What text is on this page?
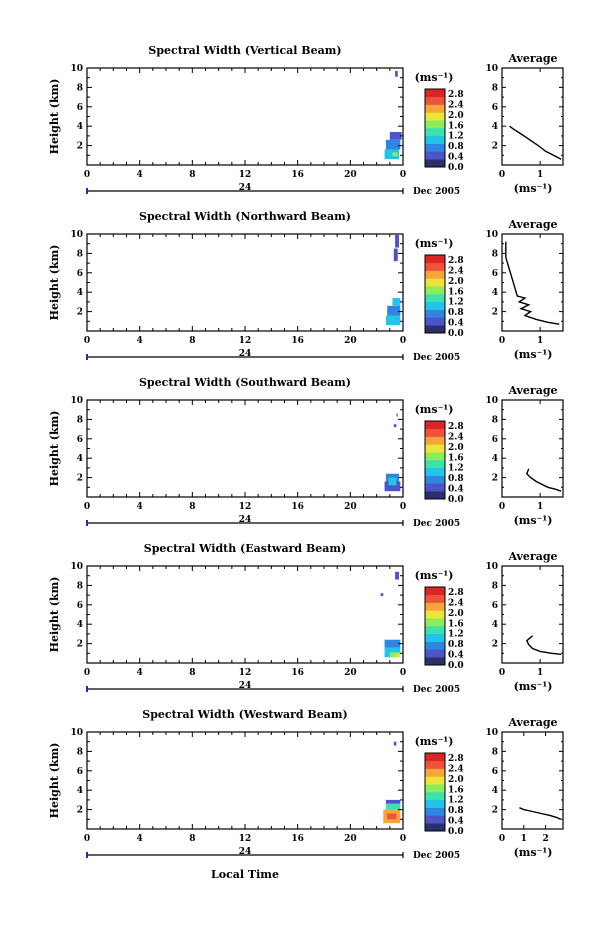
Local Time
Spectral Width (Vertical Beam)
0	4	8	12	16	20	0
2
4
6
8
10
Height (km)
24	Dec 2005
(ms⁻¹)
2.8
2.4
2.0
1.6
1.2
0.8
0.4
0.0
Average
2
4
6
8
10
0	1
(ms⁻¹)
Spectral Width (Northward Beam)
0	4	8	12	16	20	0
2
4
6
8
10
Height (km)
24	Dec 2005
(ms⁻¹)
2.8
2.4
2.0
1.6
1.2
0.8
0.4
0.0
Average
2
4
6
8
10
0	1
(ms⁻¹)
Spectral Width (Southward Beam)
0	4	8	12	16	20	0
2
4
6
8
10
Height (km)
24	Dec 2005
(ms⁻¹)
2.8
2.4
2.0
1.6
1.2
0.8
0.4
0.0
Average
2
4
6
8
10
0	1
(ms⁻¹)
Spectral Width (Eastward Beam)
0	4	8	12	16	20	0
2
4
6
8
10
Height (km)
24	Dec 2005
(ms⁻¹)
2.8
2.4
2.0
1.6
1.2
0.8
0.4
0.0
Average
2
4
6
8
10
0	1
(ms⁻¹)
Spectral Width (Westward Beam)
0	4	8	12	16	20	0
2
4
6
8
10
Height (km)
24	Dec 2005
(ms⁻¹)
2.8
2.4
2.0
1.6
1.2
0.8
0.4
0.0
Average
2
4
6
8
10
0 1 2
(ms⁻¹)
